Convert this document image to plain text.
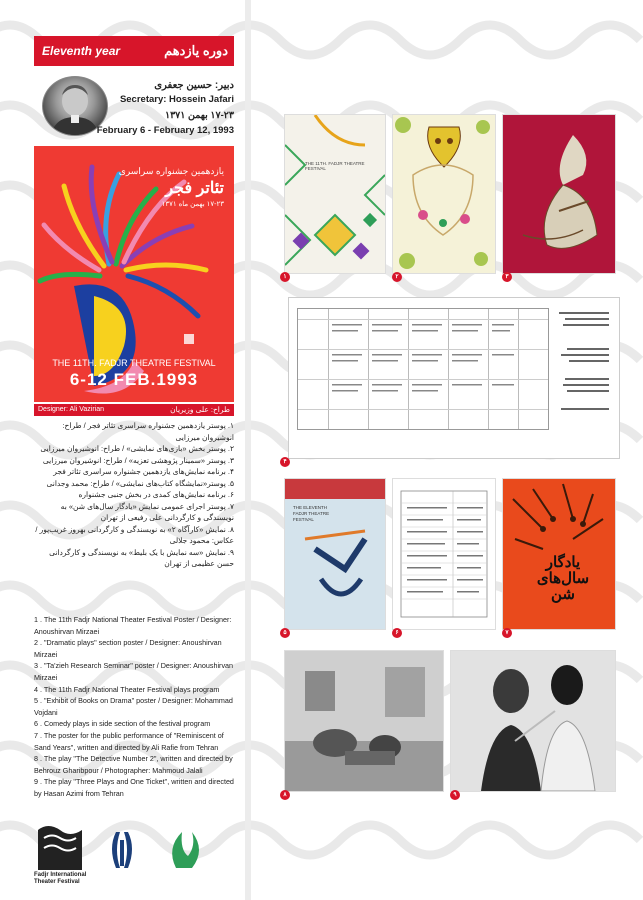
Eleventh year	دوره یازدهم
دبیر: حسین جعفری
Secretary: Hossein Jafari
۱۷-۲۳ بهمن ۱۳۷۱
February 6 - February 12, 1993
یازدهمین جشنواره سراسری
تئاتر فجر
۱۷-۲۳ بهمن ماه ۱۳۷۱
THE 11TH. FADJR THEATRE FESTIVAL
6-12 FEB.1993
Designer: Ali Vazirian	طراح: علی وزیریان
۱. پوستر یازدهمین جشنواره سراسری تئاتر فجر / طراح: انوشیروان میرزایی
۲. پوستر بخش «بازی‌های نمایشی» / طراح: انوشیروان میرزایی
۳. پوستر «سمینار پژوهشی تعزیه» / طراح: انوشیروان میرزایی
۴. برنامه نمایش‌های یازدهمین جشنواره سراسری تئاتر فجر
۵. پوستر«نمایشگاه کتاب‌های نمایشی» / طراح: محمد وجدانی
۶. برنامه نمایش‌های کمدی در بخش جنبی جشنواره
۷. پوستر اجرای عمومی نمایش «یادگار سال‌های شن» به نویسندگی و کارگردانی علی رفیعی از تهران
۸. نمایش «کارآگاه ۲» به نویسندگی و کارگردانی بهروز غریب‌پور / عکاس: محمود جلالی
۹. نمایش «سه نمایش با یک بلیط» به نویسندگی و کارگردانی حسن عظیمی از تهران
1 . The 11th Fadjr National Theater Festival Poster / Designer: Anoushirvan Mirzaei
2 . "Dramatic plays" section poster / Designer: Anoushirvan Mirzaei
3 . "Ta'zieh Research Seminar" poster / Designer: Anoushirvan Mirzaei
4 . The 11th Fadjr National Theater Festival plays program
5 . "Exhibit of Books on Drama" poster / Designer: Mohammad Vojdani
6 . Comedy plays in side section of the festival program
7 . The poster for the public performance of "Reminiscent of Sand Years", written and directed by Ali Rafie from Tehran
8 . The play "The Detective Number 2", written and directed by Behrouz Gharibpour / Photographer: Mahmoud Jalali
9 . The play "Three Plays and One Ticket", written and directed by Hasan Azimi from Tehran
Fadjr International Theater Festival
THE 11TH. FADJR THEATRE FESTIVAL
۱	۲	۳
۴
THE ELEVENTH FADJR THEATRE FESTIVAL
۵	۶
یادگار سال‌های شن
۷
۸	۹
